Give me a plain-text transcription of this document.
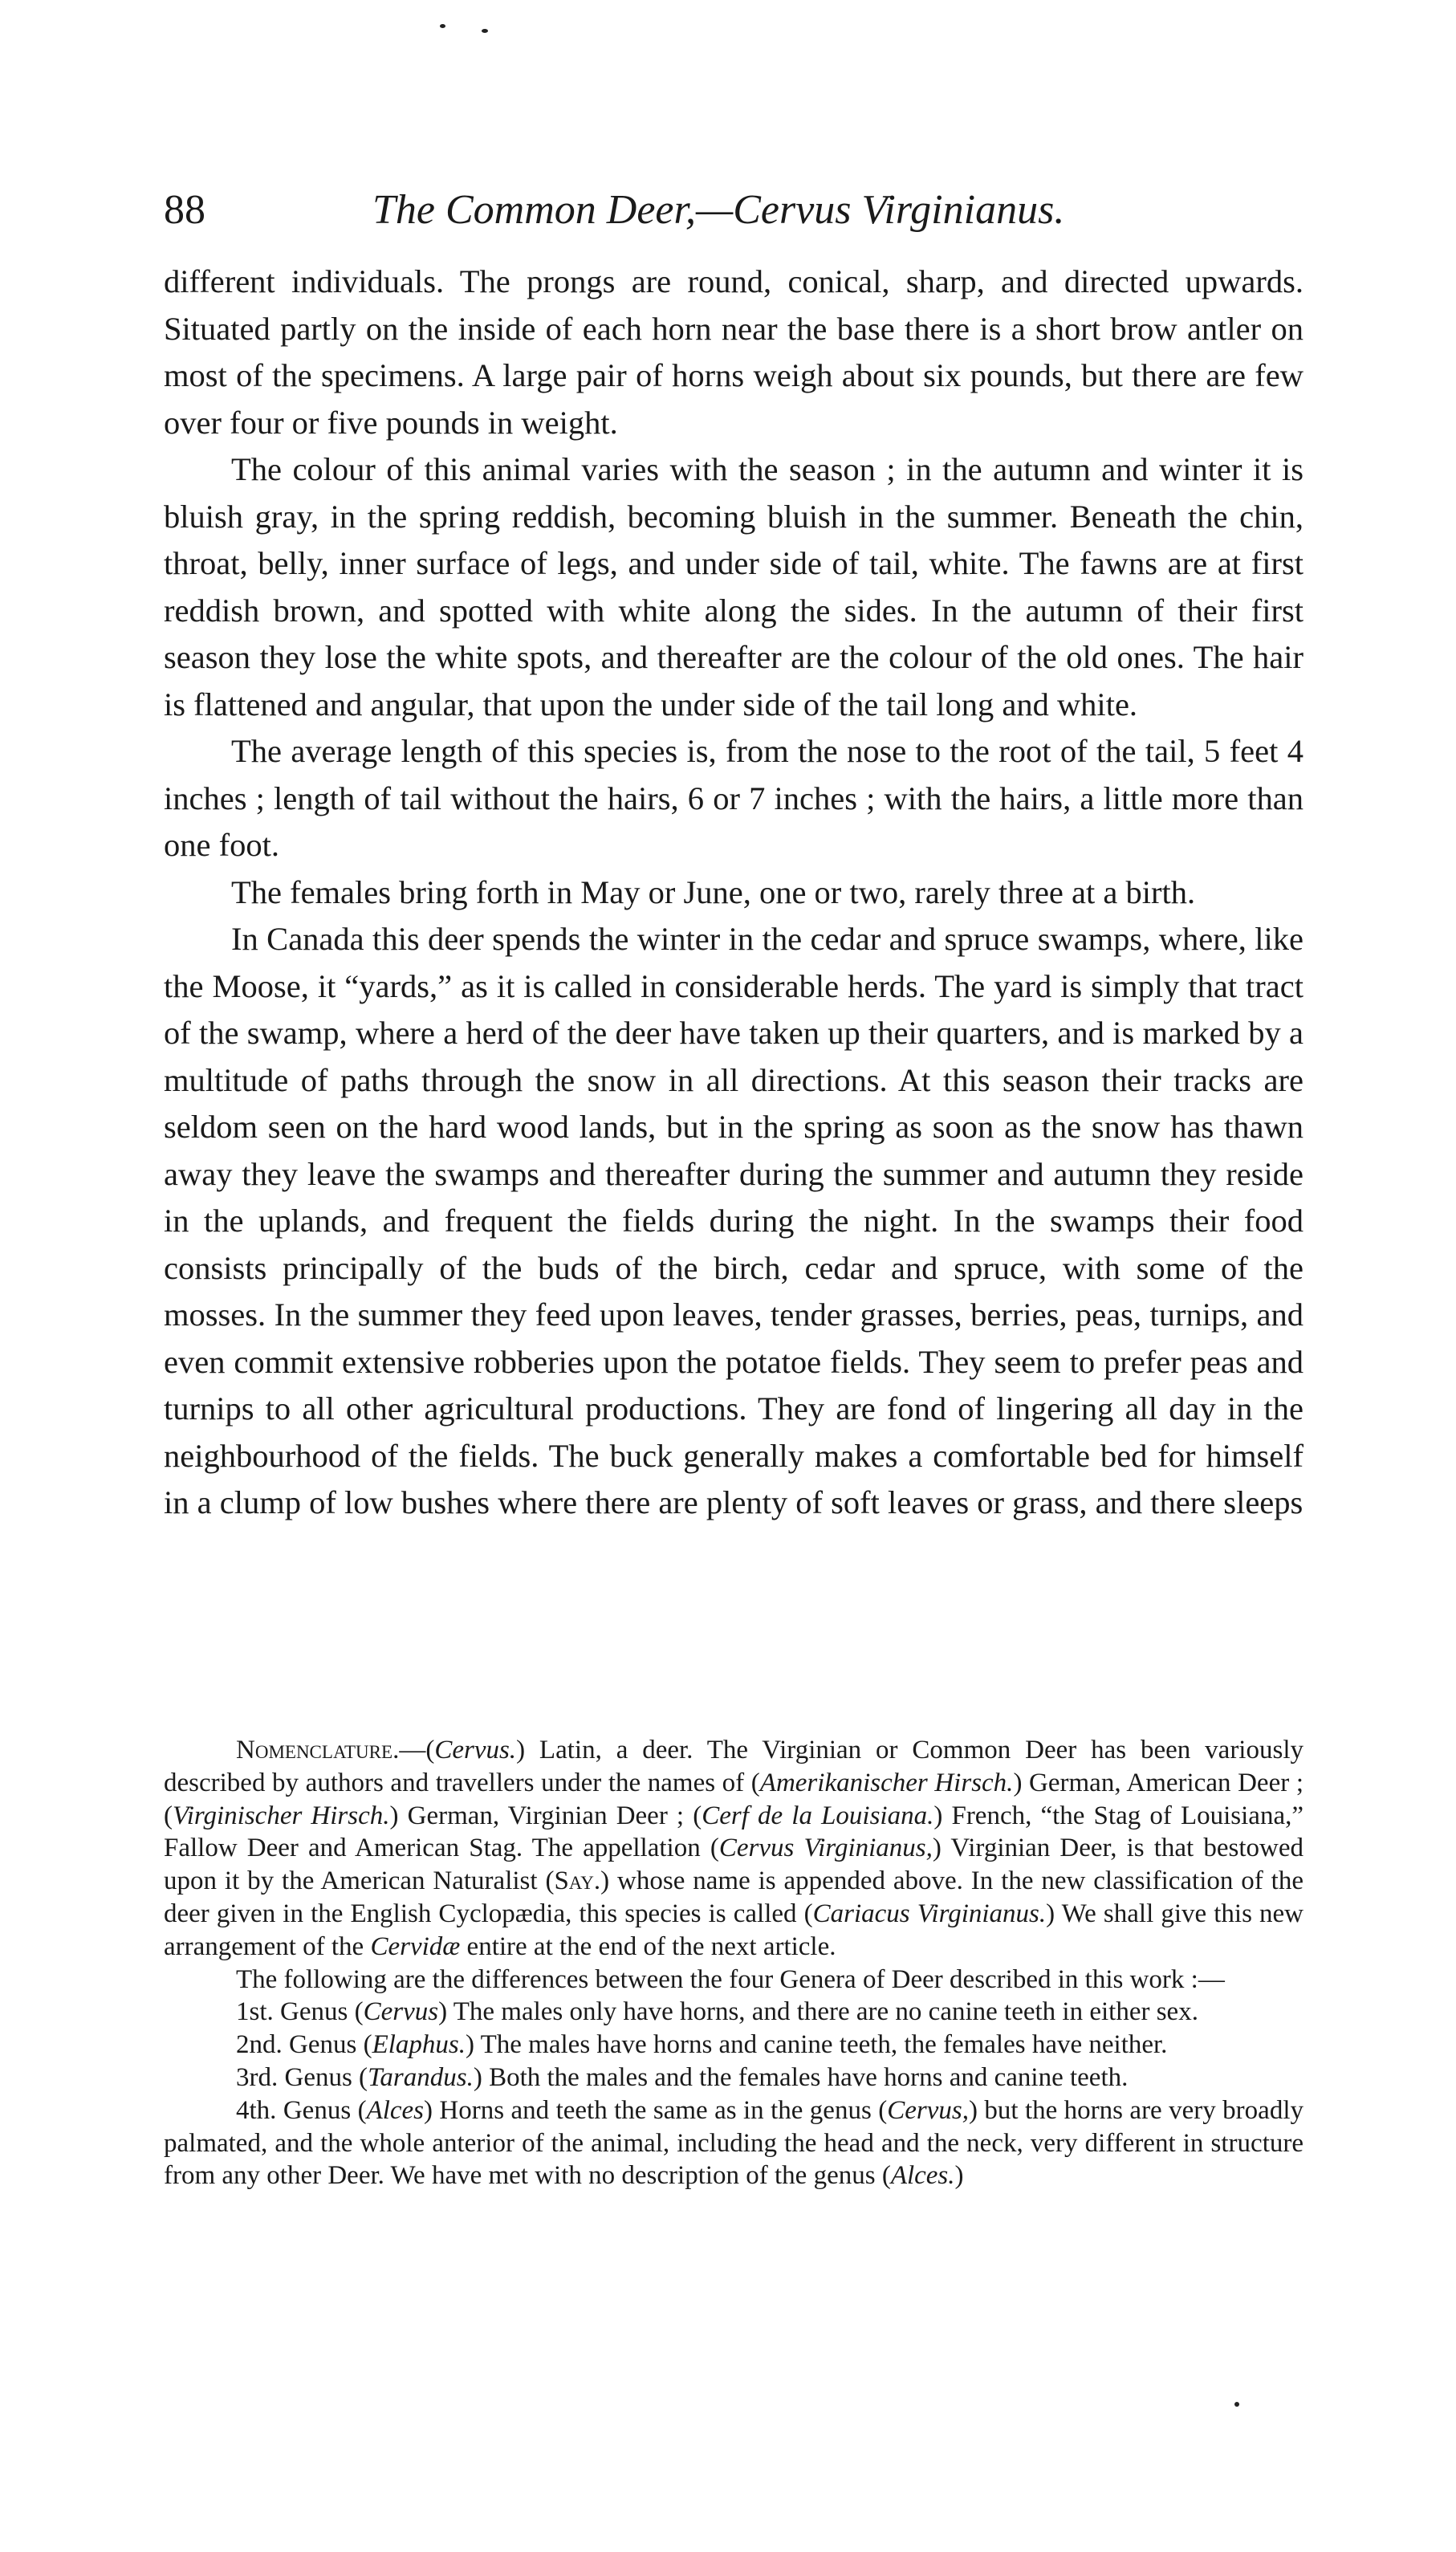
88	The Common Deer,—Cervus Virginianus.

different individuals. The prongs are round, conical, sharp, and directed upwards. Situated partly on the inside of each horn near the base there is a short brow antler on most of the specimens. A large pair of horns weigh about six pounds, but there are few over four or five pounds in weight.

The colour of this animal varies with the season ; in the autumn and winter it is bluish gray, in the spring reddish, becoming bluish in the summer. Beneath the chin, throat, belly, inner surface of legs, and under side of tail, white. The fawns are at first reddish brown, and spotted with white along the sides. In the autumn of their first season they lose the white spots, and thereafter are the colour of the old ones. The hair is flattened and angular, that upon the under side of the tail long and white.

The average length of this species is, from the nose to the root of the tail, 5 feet 4 inches ; length of tail without the hairs, 6 or 7 inches ; with the hairs, a little more than one foot.

The females bring forth in May or June, one or two, rarely three at a birth.

In Canada this deer spends the winter in the cedar and spruce swamps, where, like the Moose, it “yards,” as it is called in considerable herds. The yard is simply that tract of the swamp, where a herd of the deer have taken up their quarters, and is marked by a multitude of paths through the snow in all directions. At this season their tracks are seldom seen on the hard wood lands, but in the spring as soon as the snow has thawn away they leave the swamps and thereafter during the summer and autumn they reside in the uplands, and frequent the fields during the night. In the swamps their food consists principally of the buds of the birch, cedar and spruce, with some of the mosses. In the summer they feed upon leaves, tender grasses, berries, peas, turnips, and even commit extensive robberies upon the potatoe fields. They seem to prefer peas and turnips to all other agricultural productions. They are fond of lingering all day in the neighbourhood of the fields. The buck generally makes a comfortable bed for himself in a clump of low bushes where there are plenty of soft leaves or grass, and there sleeps

Nomenclature.—(Cervus.) Latin, a deer. The Virginian or Common Deer has been variously described by authors and travellers under the names of (Amerikanischer Hirsch.) German, American Deer ; (Virginischer Hirsch.) German, Virginian Deer ; (Cerf de la Louisiana.) French, “the Stag of Louisiana,” Fallow Deer and American Stag. The appellation (Cervus Virginianus,) Virginian Deer, is that bestowed upon it by the American Naturalist (Say.) whose name is appended above. In the new classification of the deer given in the English Cyclopædia, this species is called (Cariacus Virginianus.) We shall give this new arrangement of the Cervidæ entire at the end of the next article.

The following are the differences between the four Genera of Deer described in this work :—

1st. Genus (Cervus) The males only have horns, and there are no canine teeth in either sex.

2nd. Genus (Elaphus.) The males have horns and canine teeth, the females have neither.

3rd. Genus (Tarandus.) Both the males and the females have horns and canine teeth.

4th. Genus (Alces) Horns and teeth the same as in the genus (Cervus,) but the horns are very broadly palmated, and the whole anterior of the animal, including the head and the neck, very different in structure from any other Deer. We have met with no description of the genus (Alces.)
